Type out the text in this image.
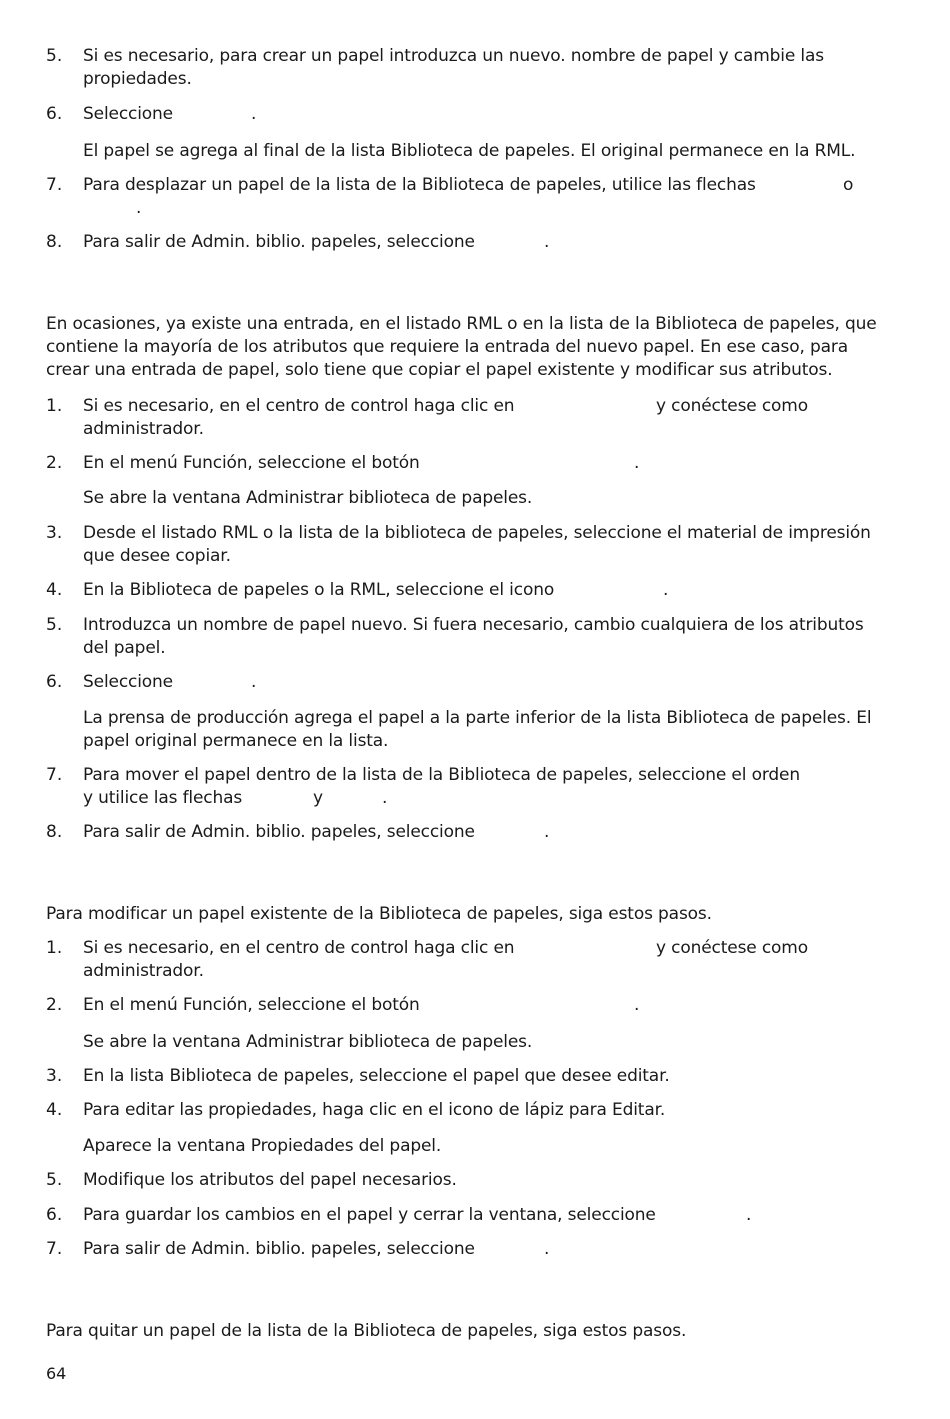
5. Si es necesario, para crear un papel introduzca un nuevo. nombre de papel y cambie las
propiedades.
6. Seleccione	.
El papel se agrega al final de la lista Biblioteca de papeles. El original permanece en la RML.
7. Para desplazar un papel de la lista de la Biblioteca de papeles, utilice las flechas	o
.
8. Para salir de Admin. biblio. papeles, seleccione	.
En ocasiones, ya existe una entrada, en el listado RML o en la lista de la Biblioteca de papeles, que
contiene la mayoría de los atributos que requiere la entrada del nuevo papel. En ese caso, para
crear una entrada de papel, solo tiene que copiar el papel existente y modificar sus atributos.
1. Si es necesario, en el centro de control haga clic en	y conéctese como
administrador.
2. En el menú Función, seleccione el botón	.
Se abre la ventana Administrar biblioteca de papeles.
3. Desde el listado RML o la lista de la biblioteca de papeles, seleccione el material de impresión
que desee copiar.
4. En la Biblioteca de papeles o la RML, seleccione el icono	.
5. Introduzca un nombre de papel nuevo. Si fuera necesario, cambio cualquiera de los atributos
del papel.
6. Seleccione	.
La prensa de producción agrega el papel a la parte inferior de la lista Biblioteca de papeles. El
papel original permanece en la lista.
7. Para mover el papel dentro de la lista de la Biblioteca de papeles, seleccione el orden
y utilice las flechas	y	.
8. Para salir de Admin. biblio. papeles, seleccione	.
Para modificar un papel existente de la Biblioteca de papeles, siga estos pasos.
1. Si es necesario, en el centro de control haga clic en	y conéctese como
administrador.
2. En el menú Función, seleccione el botón	.
Se abre la ventana Administrar biblioteca de papeles.
3. En la lista Biblioteca de papeles, seleccione el papel que desee editar.
4. Para editar las propiedades, haga clic en el icono de lápiz para Editar.
Aparece la ventana Propiedades del papel.
5. Modifique los atributos del papel necesarios.
6. Para guardar los cambios en el papel y cerrar la ventana, seleccione	.
7. Para salir de Admin. biblio. papeles, seleccione	.
Para quitar un papel de la lista de la Biblioteca de papeles, siga estos pasos.
64
